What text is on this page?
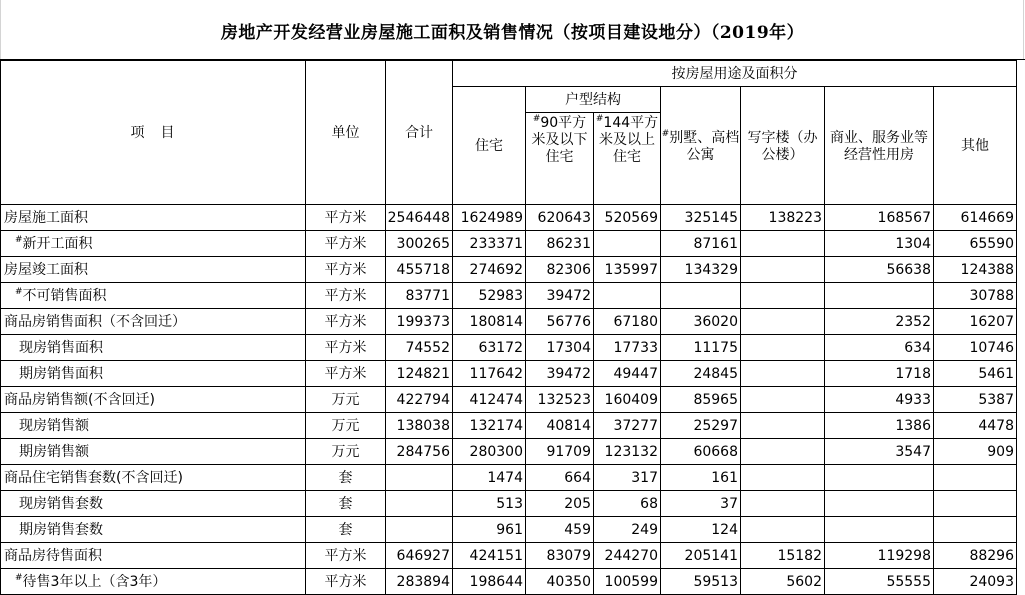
房地产开发经营业房屋施工面积及销售情况（按项目建设地分）（2019年）
项　目	单位	合计	按房屋用途及面积分						
			住宅	户型结构		#别墅、高档公寓	写字楼（办公楼）	商业、服务业等经营性用房	其他
				#90平方米及以下住宅	#144平方米及以上住宅				
房屋施工面积	平方米	2546448	1624989	620643	520569	325145	138223	168567	614669
#新开工面积	平方米	300265	233371	86231		87161		1304	65590
房屋竣工面积	平方米	455718	274692	82306	135997	134329		56638	124388
#不可销售面积	平方米	83771	52983	39472					30788
商品房销售面积（不含回迁）	平方米	199373	180814	56776	67180	36020		2352	16207
现房销售面积	平方米	74552	63172	17304	17733	11175		634	10746
期房销售面积	平方米	124821	117642	39472	49447	24845		1718	5461
商品房销售额(不含回迁)	万元	422794	412474	132523	160409	85965		4933	5387
现房销售额	万元	138038	132174	40814	37277	25297		1386	4478
期房销售额	万元	284756	280300	91709	123132	60668		3547	909
商品住宅销售套数(不含回迁)	套		1474	664	317	161			
现房销售套数	套		513	205	68	37			
期房销售套数	套		961	459	249	124			
商品房待售面积	平方米	646927	424151	83079	244270	205141	15182	119298	88296
#待售3年以上（含3年）	平方米	283894	198644	40350	100599	59513	5602	55555	24093
